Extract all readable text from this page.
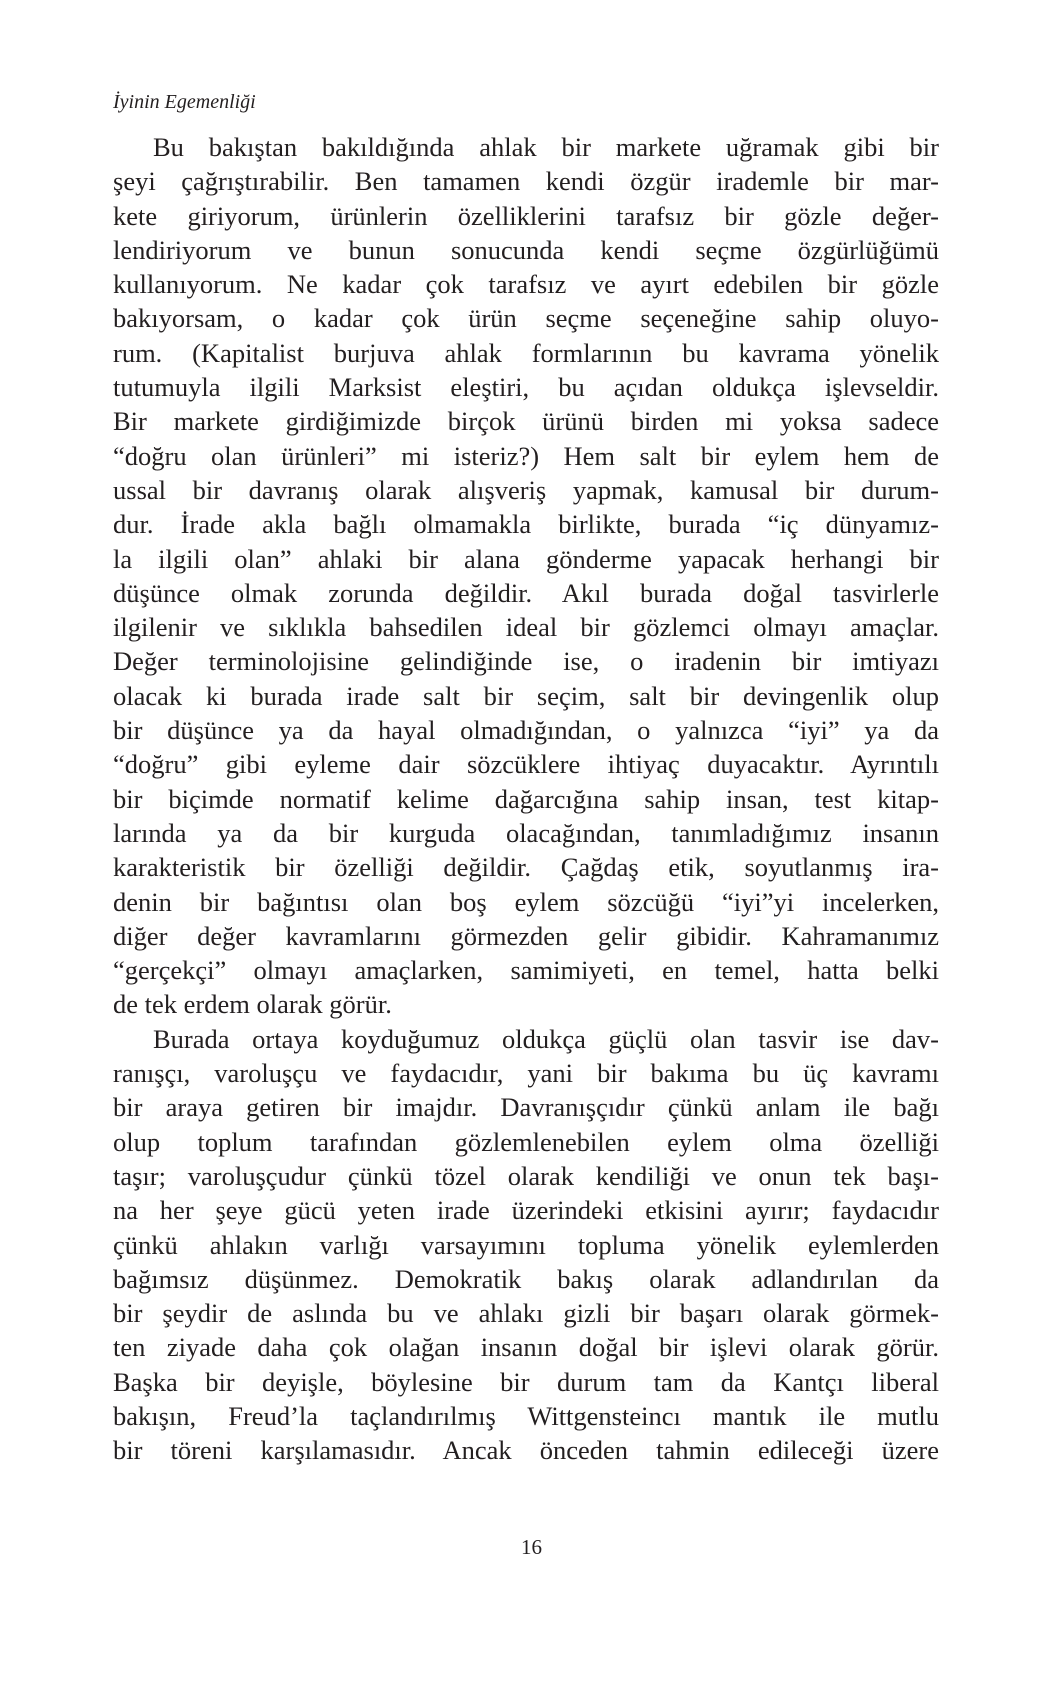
İyinin Egemenliği
Bu bakıştan bakıldığında ahlak bir markete uğramak gibi bir
şeyi çağrıştırabilir. Ben tamamen kendi özgür irademle bir mar-
kete giriyorum, ürünlerin özelliklerini tarafsız bir gözle değer-
lendiriyorum ve bunun sonucunda kendi seçme özgürlüğümü
kullanıyorum. Ne kadar çok tarafsız ve ayırt edebilen bir gözle
bakıyorsam, o kadar çok ürün seçme seçeneğine sahip oluyo-
rum. (Kapitalist burjuva ahlak formlarının bu kavrama yönelik
tutumuyla ilgili Marksist eleştiri, bu açıdan oldukça işlevseldir.
Bir markete girdiğimizde birçok ürünü birden mi yoksa sadece
“doğru olan ürünleri” mi isteriz?) Hem salt bir eylem hem de
ussal bir davranış olarak alışveriş yapmak, kamusal bir durum-
dur. İrade akla bağlı olmamakla birlikte, burada “iç dünyamız-
la ilgili olan” ahlaki bir alana gönderme yapacak herhangi bir
düşünce olmak zorunda değildir. Akıl burada doğal tasvirlerle
ilgilenir ve sıklıkla bahsedilen ideal bir gözlemci olmayı amaçlar.
Değer terminolojisine gelindiğinde ise, o iradenin bir imtiyazı
olacak ki burada irade salt bir seçim, salt bir devingenlik olup
bir düşünce ya da hayal olmadığından, o yalnızca “iyi” ya da
“doğru” gibi eyleme dair sözcüklere ihtiyaç duyacaktır. Ayrıntılı
bir biçimde normatif kelime dağarcığına sahip insan, test kitap-
larında ya da bir kurguda olacağından, tanımladığımız insanın
karakteristik bir özelliği değildir. Çağdaş etik, soyutlanmış ira-
denin bir bağıntısı olan boş eylem sözcüğü “iyi”yi incelerken,
diğer değer kavramlarını görmezden gelir gibidir. Kahramanımız
“gerçekçi” olmayı amaçlarken, samimiyeti, en temel, hatta belki
de tek erdem olarak görür.
Burada ortaya koyduğumuz oldukça güçlü olan tasvir ise dav-
ranışçı, varoluşçu ve faydacıdır, yani bir bakıma bu üç kavramı
bir araya getiren bir imajdır. Davranışçıdır çünkü anlam ile bağı
olup toplum tarafından gözlemlenebilen eylem olma özelliği
taşır; varoluşçudur çünkü tözel olarak kendiliği ve onun tek başı-
na her şeye gücü yeten irade üzerindeki etkisini ayırır; faydacıdır
çünkü ahlakın varlığı varsayımını topluma yönelik eylemlerden
bağımsız düşünmez. Demokratik bakış olarak adlandırılan da
bir şeydir de aslında bu ve ahlakı gizli bir başarı olarak görmek-
ten ziyade daha çok olağan insanın doğal bir işlevi olarak görür.
Başka bir deyişle, böylesine bir durum tam da Kantçı liberal
bakışın, Freud’la taçlandırılmış Wittgensteincı mantık ile mutlu
bir töreni karşılamasıdır. Ancak önceden tahmin edileceği üzere
16
